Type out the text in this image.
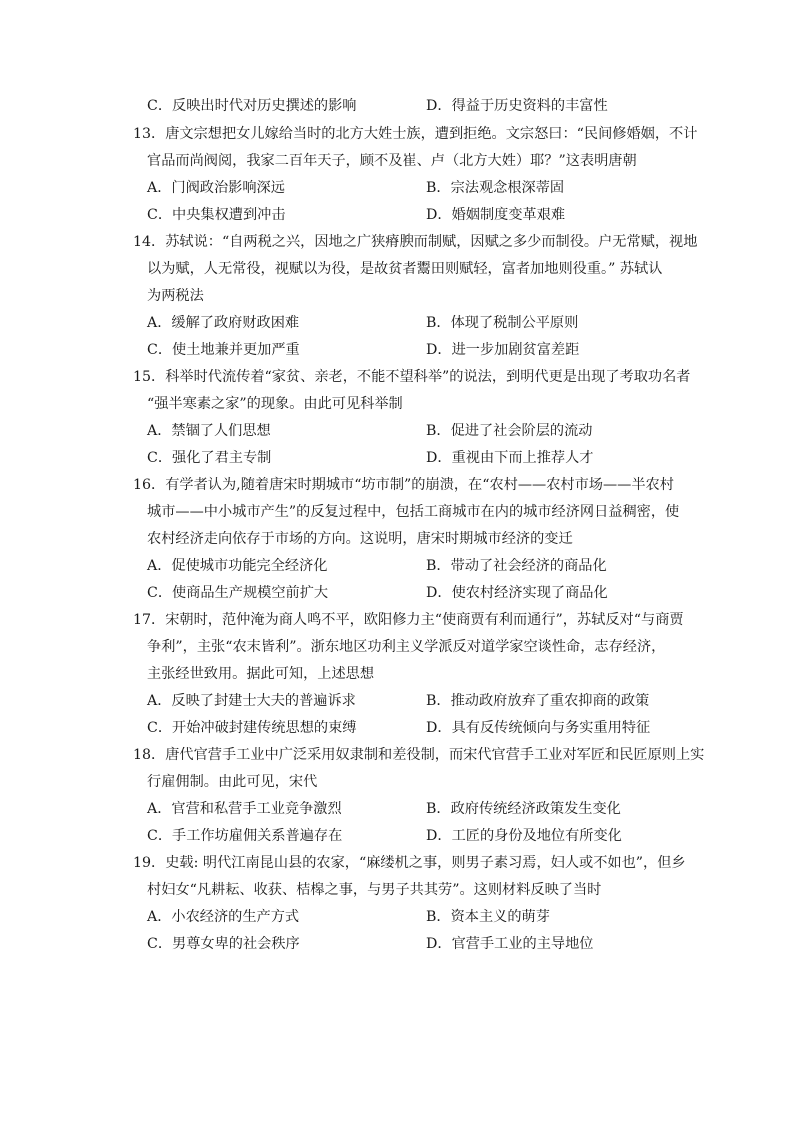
C．反映出时代对历史撰述的影响	D．得益于历史资料的丰富性
13．唐文宗想把女儿嫁给当时的北方大姓士族，遭到拒绝。文宗怒曰：“民间修婚姻，不计
官品而尚阀阅，我家二百年天子，顾不及崔、卢（北方大姓）耶？”这表明唐朝
A．门阀政治影响深远	B．宗法观念根深蒂固
C．中央集权遭到冲击	D．婚姻制度变革艰难
14．苏轼说：“自两税之兴，因地之广狭瘠腴而制赋，因赋之多少而制役。户无常赋，视地
以为赋，人无常役，视赋以为役，是故贫者鬻田则赋轻，富者加地则役重。” 苏轼认
为两税法
A．缓解了政府财政困难	B．体现了税制公平原则
C．使土地兼并更加严重	D．进一步加剧贫富差距
15．科举时代流传着“家贫、亲老，不能不望科举”的说法，到明代更是出现了考取功名者
“强半寒素之家”的现象。由此可见科举制
A．禁锢了人们思想	B．促进了社会阶层的流动
C．强化了君主专制	D．重视由下而上推荐人才
16．有学者认为,随着唐宋时期城市“坊市制”的崩溃，在“农村——农村市场——半农村
城市——中小城市产生”的反复过程中，包括工商城市在内的城市经济网日益稠密，使
农村经济走向依存于市场的方向。这说明，唐宋时期城市经济的变迁
A．促使城市功能完全经济化	B．带动了社会经济的商品化
C．使商品生产规模空前扩大	D．使农村经济实现了商品化
17．宋朝时，范仲淹为商人鸣不平，欧阳修力主“使商贾有利而通行”，苏轼反对“与商贾
争利”，主张“农末皆利”。浙东地区功利主义学派反对道学家空谈性命，志存经济，
主张经世致用。据此可知，上述思想
A．反映了封建士大夫的普遍诉求	B．推动政府放弃了重农抑商的政策
C．开始冲破封建传统思想的束缚	D．具有反传统倾向与务实重用特征
18．唐代官营手工业中广泛采用奴隶制和差役制，而宋代官营手工业对军匠和民匠原则上实
行雇佣制。由此可见，宋代
A．官营和私营手工业竞争激烈	B．政府传统经济政策发生变化
C．手工作坊雇佣关系普遍存在	D．工匠的身份及地位有所变化
19．史载: 明代江南昆山县的农家，“麻缕机之事，则男子素习焉，妇人或不如也”，但乡
村妇女“凡耕耘、收获、桔槔之事，与男子共其劳”。这则材料反映了当时
A．小农经济的生产方式	B．资本主义的萌芽
C．男尊女卑的社会秩序	D．官营手工业的主导地位
